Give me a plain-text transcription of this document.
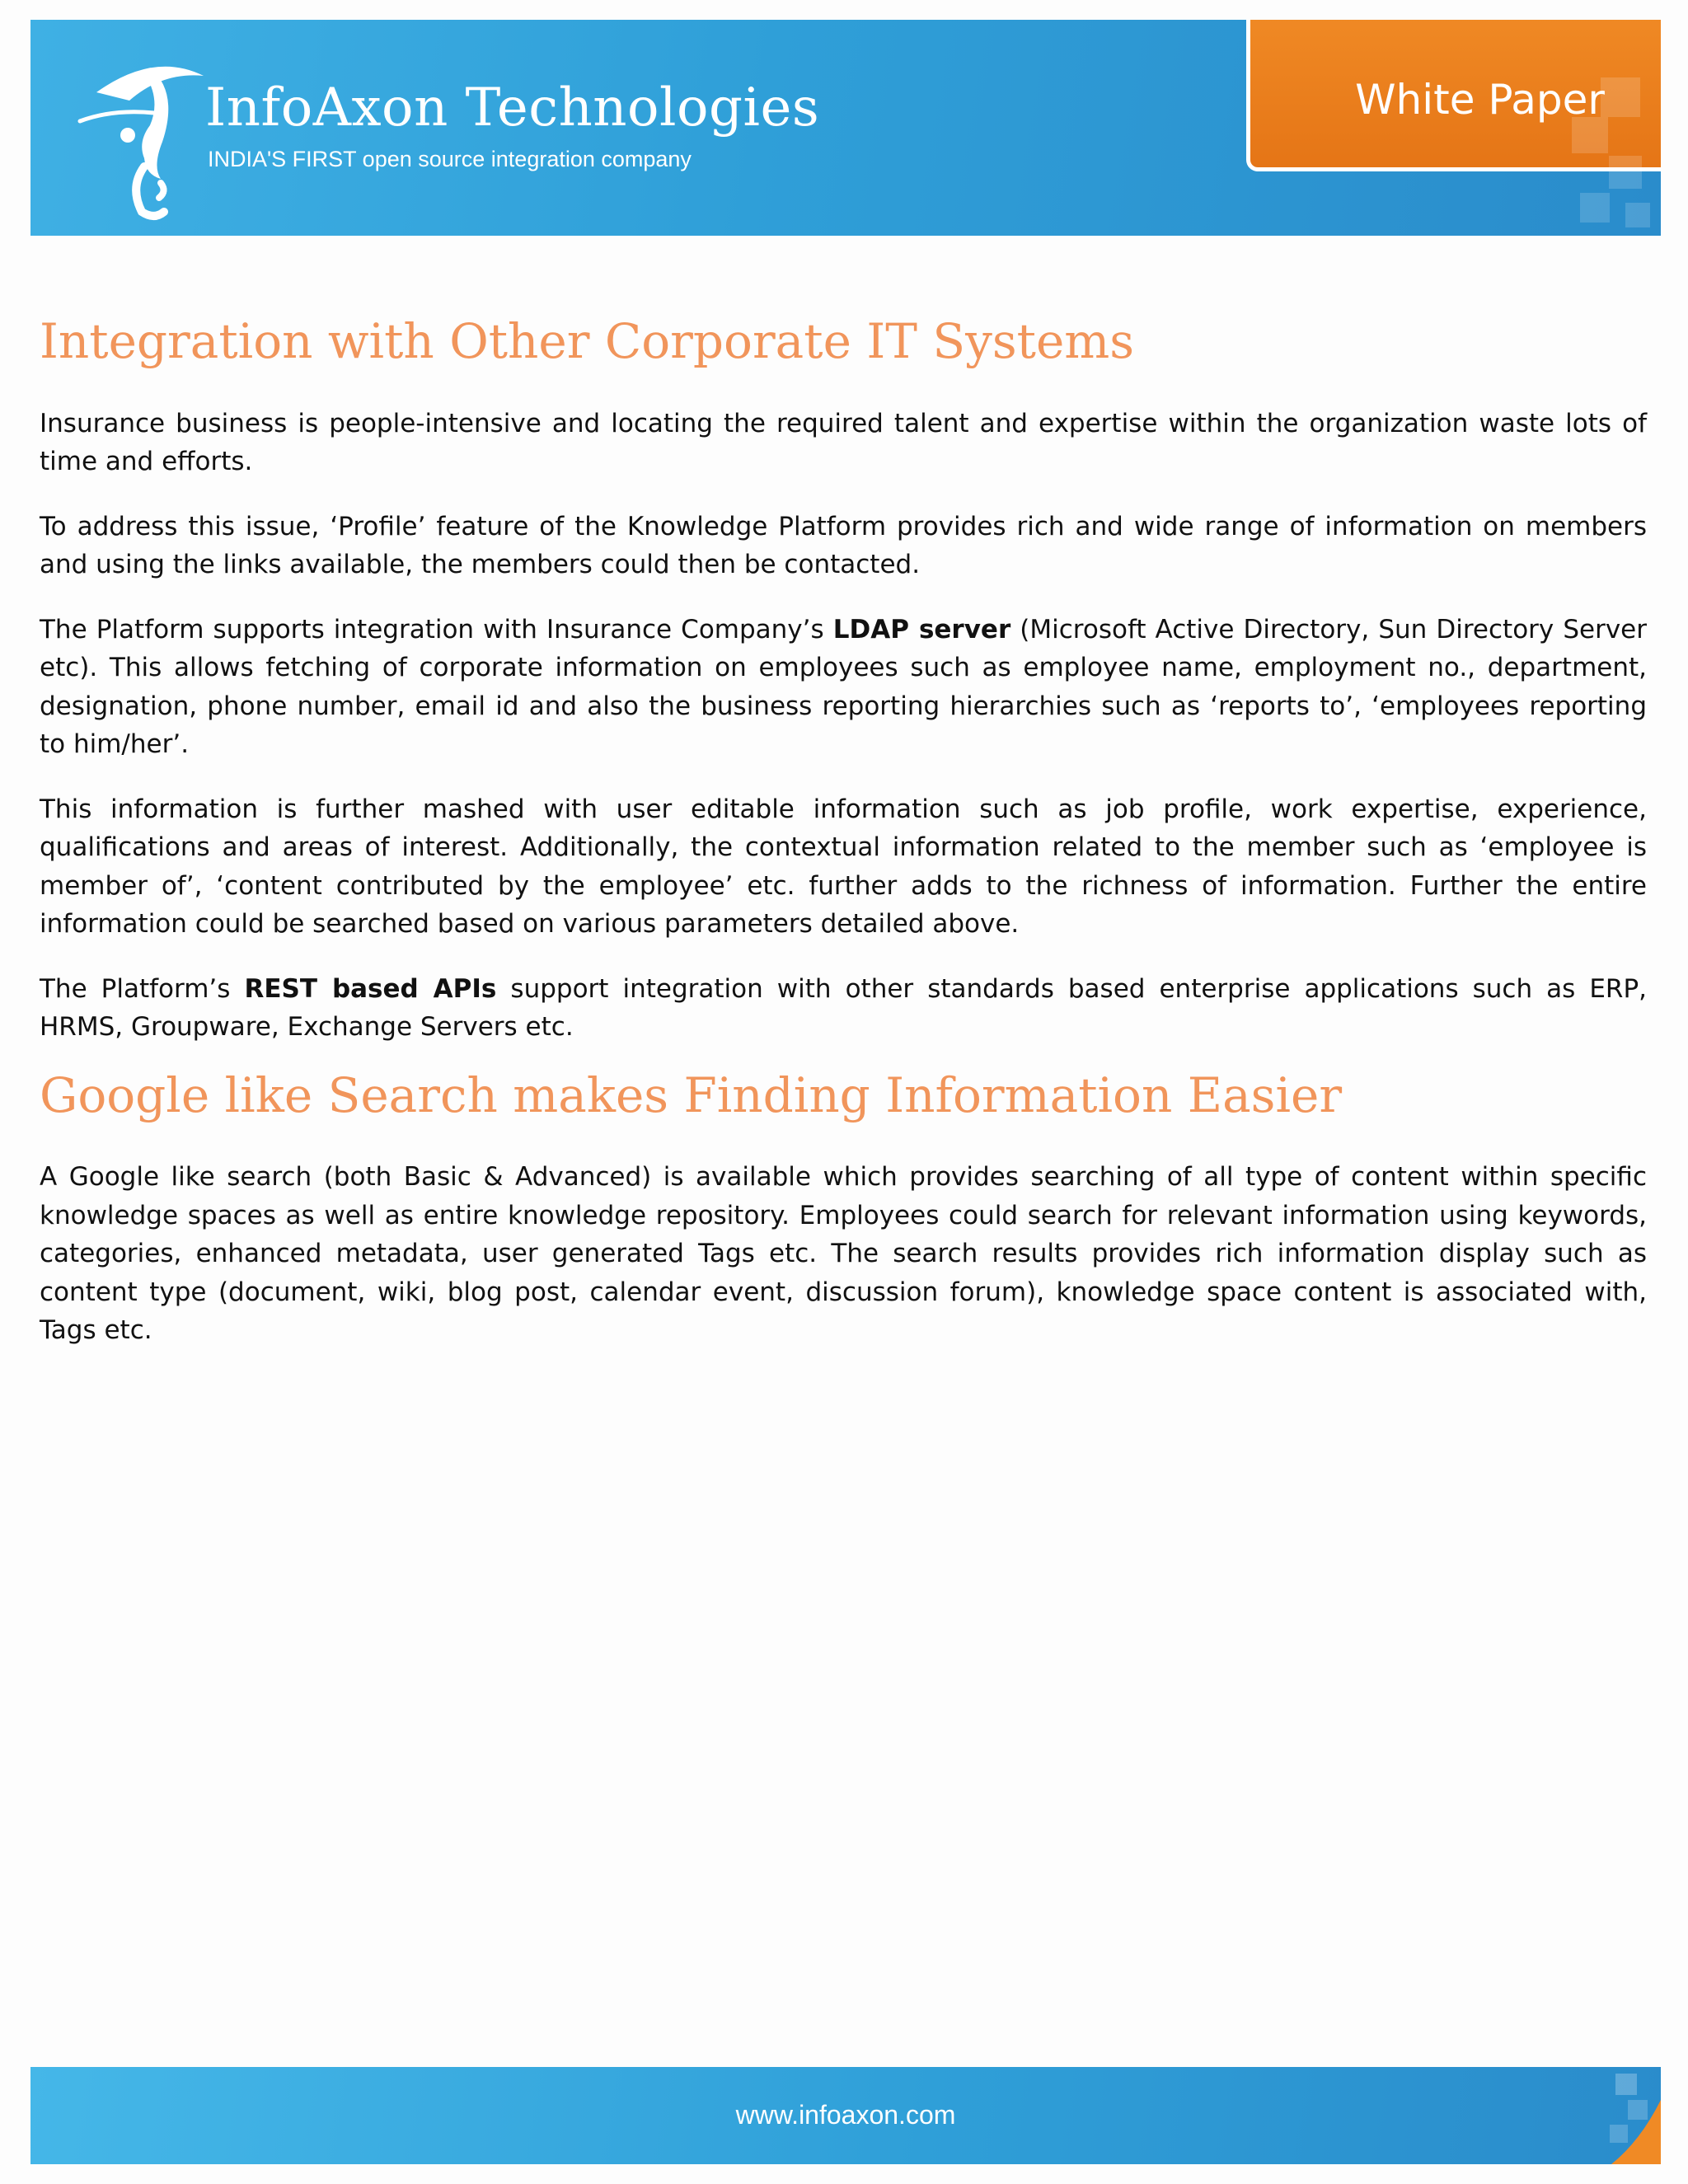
InfoAxon Technologies
INDIA'S FIRST open source integration company
White Paper
Integration with Other Corporate IT Systems

Insurance business is people-intensive and locating the required talent and expertise within the organization waste lots of time and efforts.

To address this issue, ‘Profile’ feature of the Knowledge Platform provides rich and wide range of information on members and using the links available, the members could then be contacted.

The Platform supports integration with Insurance Company’s LDAP server (Microsoft Active Directory, Sun Directory Server etc). This allows fetching of corporate information on employees such as employee name, employment no., department, designation, phone number, email id and also the business reporting hierarchies such as ‘reports to’, ‘employees reporting to him/her’.

This information is further mashed with user editable information such as job profile, work expertise, experience, qualifications and areas of interest. Additionally, the contextual information related to the member such as ‘employee is member of’, ‘content contributed by the employee’ etc. further adds to the richness of information. Further the entire information could be searched based on various parameters detailed above.

The Platform’s REST based APIs support integration with other standards based enterprise applications such as ERP, HRMS, Groupware, Exchange Servers etc.

Google like Search makes Finding Information Easier

A Google like search (both Basic & Advanced) is available which provides searching of all type of content within specific knowledge spaces as well as entire knowledge repository. Employees could search for relevant information using keywords, categories, enhanced metadata, user generated Tags etc. The search results provides rich information display such as content type (document, wiki, blog post, calendar event, discussion forum), knowledge space content is associated with, Tags etc.

www.infoaxon.com
